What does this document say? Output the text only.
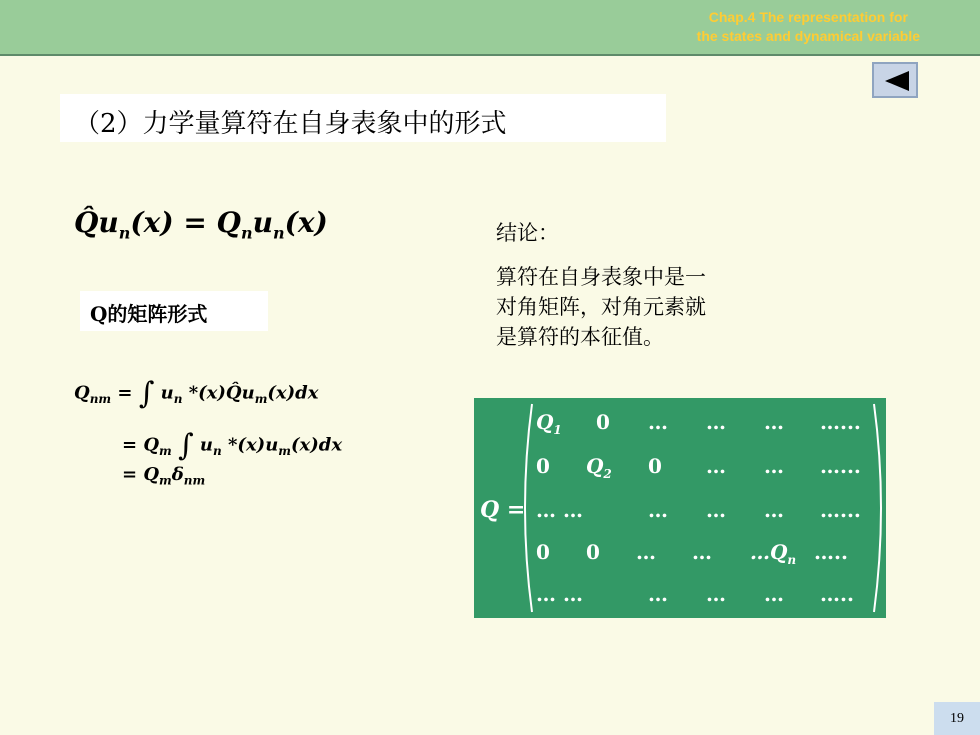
Chap.4 The representation for
the states and dynamical variable
（2）力学量算符在自身表象中的形式
$Q̂u_n(x) = Q_nu_n(x)$
Q的矩阵形式
结论：
算符在自身表象中是一
对角矩阵，对角元素就
是算符的本征值。
$Q_{nm}$ = ∫ $u_n$ $*(x)Q̂u_m(x)dx$
= $Q_m$ ∫ $u_n$ $*(x)u_m(x)dx$
= $Q_m\delta_{nm}$
Q =
$Q_1$ 0 … … … …...
0 $Q_2$ 0 … … …...
… …	… … … …...
0 0 … … $\dots Q_n$ …..
… …	… … … …..
19
